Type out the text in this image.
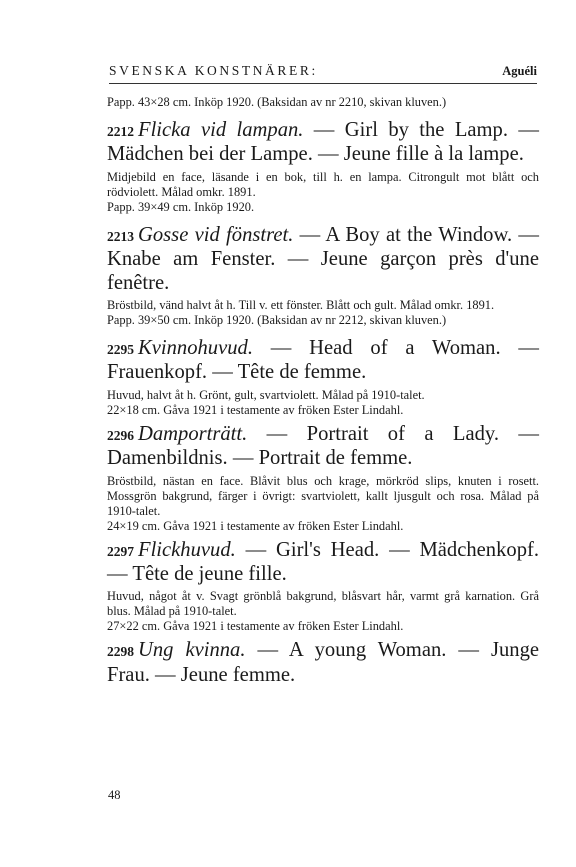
SVENSKA KONSTNÄRER:	Aguéli

Papp. 43×28 cm. Inköp 1920. (Baksidan av nr 2210, skivan kluven.)

2212 Flicka vid lampan. — Girl by the Lamp. — Mädchen bei der Lampe. — Jeune fille à la lampe.

Midjebild en face, läsande i en bok, till h. en lampa. Citrongult mot blått och rödviolett. Målad omkr. 1891.

Papp. 39×49 cm. Inköp 1920.

2213 Gosse vid fönstret. — A Boy at the Window. — Knabe am Fenster. — Jeune garçon près d'une fenêtre.

Bröstbild, vänd halvt åt h. Till v. ett fönster. Blått och gult. Målad omkr. 1891.

Papp. 39×50 cm. Inköp 1920. (Baksidan av nr 2212, skivan kluven.)

2295 Kvinnohuvud. — Head of a Woman. — Frauenkopf. — Tête de femme.

Huvud, halvt åt h. Grönt, gult, svartviolett. Målad på 1910-talet.

22×18 cm. Gåva 1921 i testamente av fröken Ester Lindahl.

2296 Damporträtt. — Portrait of a Lady. — Damenbildnis. — Portrait de femme.

Bröstbild, nästan en face. Blåvit blus och krage, mörkröd slips, knuten i rosett. Mossgrön bakgrund, färger i övrigt: svartviolett, kallt ljusgult och rosa. Målad på 1910-talet.

24×19 cm. Gåva 1921 i testamente av fröken Ester Lindahl.

2297 Flickhuvud. — Girl's Head. — Mädchenkopf. — Tête de jeune fille.

Huvud, något åt v. Svagt grönblå bakgrund, blåsvart hår, varmt grå karnation. Grå blus. Målad på 1910-talet.

27×22 cm. Gåva 1921 i testamente av fröken Ester Lindahl.

2298 Ung kvinna. — A young Woman. — Junge Frau. — Jeune femme.

48
